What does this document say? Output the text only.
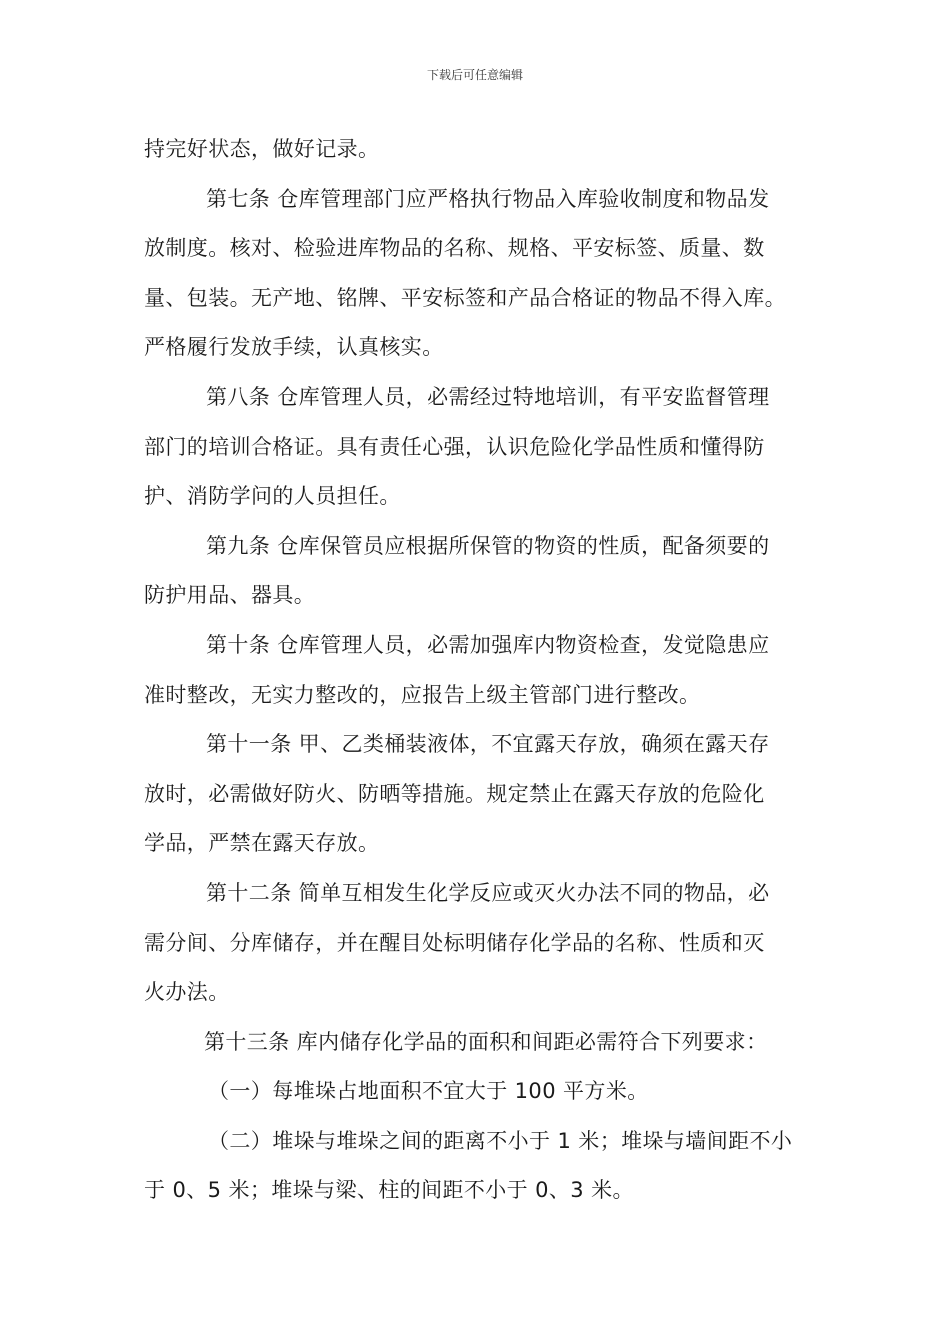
下载后可任意编辑
持完好状态，做好记录。
第七条 仓库管理部门应严格执行物品入库验收制度和物品发
放制度。核对、检验进库物品的名称、规格、平安标签、质量、数
量、包装。无产地、铭牌、平安标签和产品合格证的物品不得入库。
严格履行发放手续，认真核实。
第八条 仓库管理人员，必需经过特地培训，有平安监督管理
部门的培训合格证。具有责任心强，认识危险化学品性质和懂得防
护、消防学问的人员担任。
第九条 仓库保管员应根据所保管的物资的性质，配备须要的
防护用品、器具。
第十条 仓库管理人员，必需加强库内物资检查，发觉隐患应
准时整改，无实力整改的，应报告上级主管部门进行整改。
第十一条 甲、乙类桶装液体，不宜露天存放，确须在露天存
放时，必需做好防火、防晒等措施。规定禁止在露天存放的危险化
学品，严禁在露天存放。
第十二条 简单互相发生化学反应或灭火办法不同的物品，必
需分间、分库储存，并在醒目处标明储存化学品的名称、性质和灭
火办法。
第十三条 库内储存化学品的面积和间距必需符合下列要求：
（一）每堆垛占地面积不宜大于 100 平方米。
（二）堆垛与堆垛之间的距离不小于 1 米；堆垛与墙间距不小
于 0、5 米；堆垛与梁、柱的间距不小于 0、3 米。
